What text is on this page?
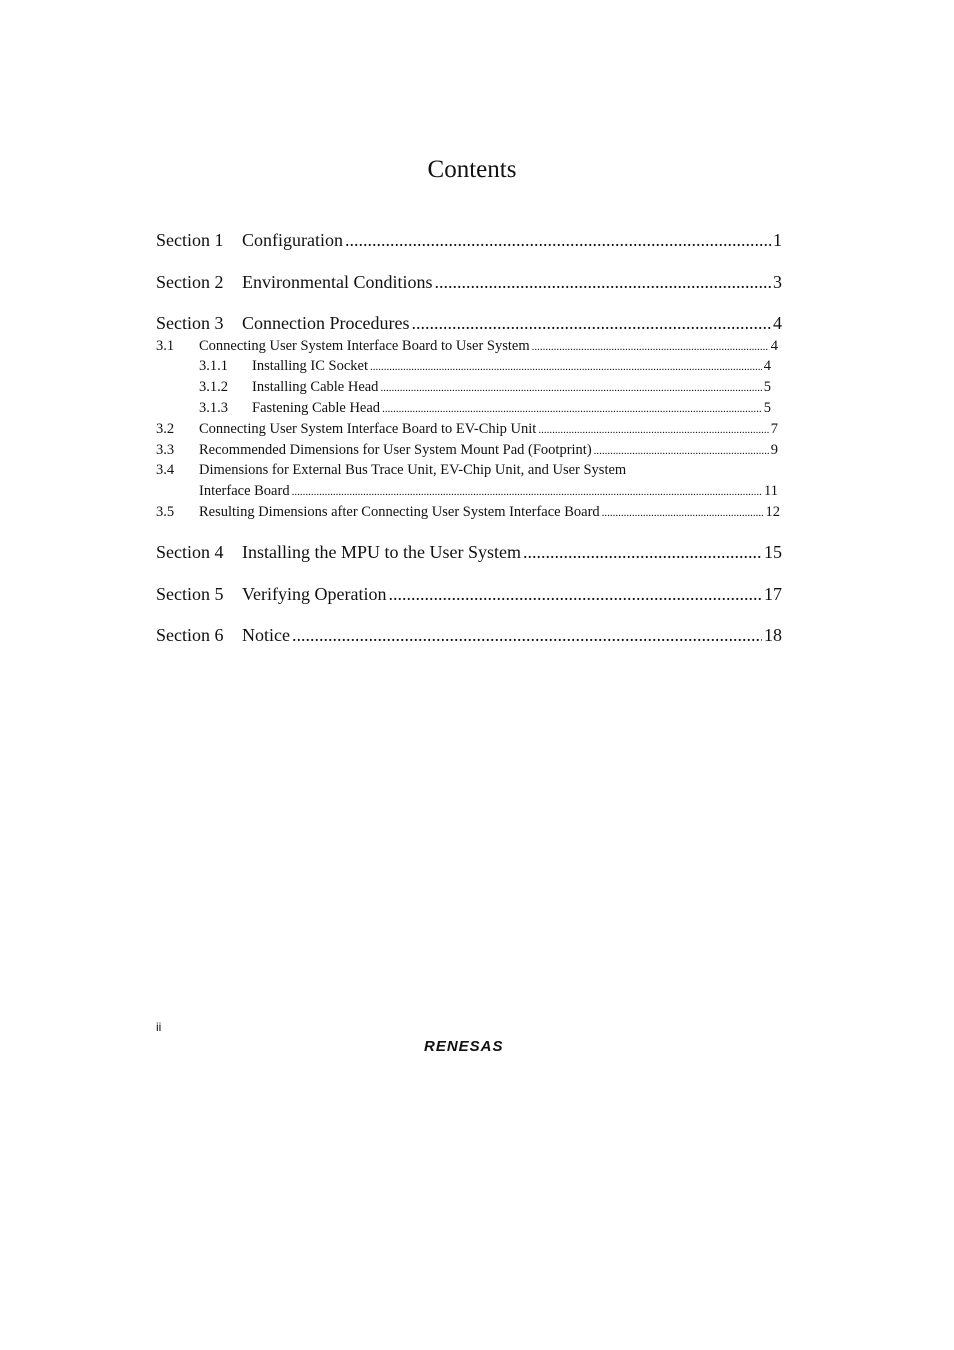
Contents
Section 1	Configuration .....	1
Section 2	Environmental Conditions .....	3
Section 3	Connection Procedures .....	4
3.1	Connecting User System Interface Board to User System .....	4
3.1.1	Installing IC Socket .....	4
3.1.2	Installing Cable Head .....	5
3.1.3	Fastening Cable Head .....	5
3.2	Connecting User System Interface Board to EV-Chip Unit .....	7
3.3	Recommended Dimensions for User System Mount Pad (Footprint) .....	9
3.4 Dimensions for External Bus Trace Unit, EV-Chip Unit, and User System
Interface Board .....	11
3.5	Resulting Dimensions after Connecting User System Interface Board .....	12
Section 4	Installing the MPU to the User System .....	15
Section 5	Verifying Operation .....	17
Section 6	Notice .....	18
ii
RENESAS
